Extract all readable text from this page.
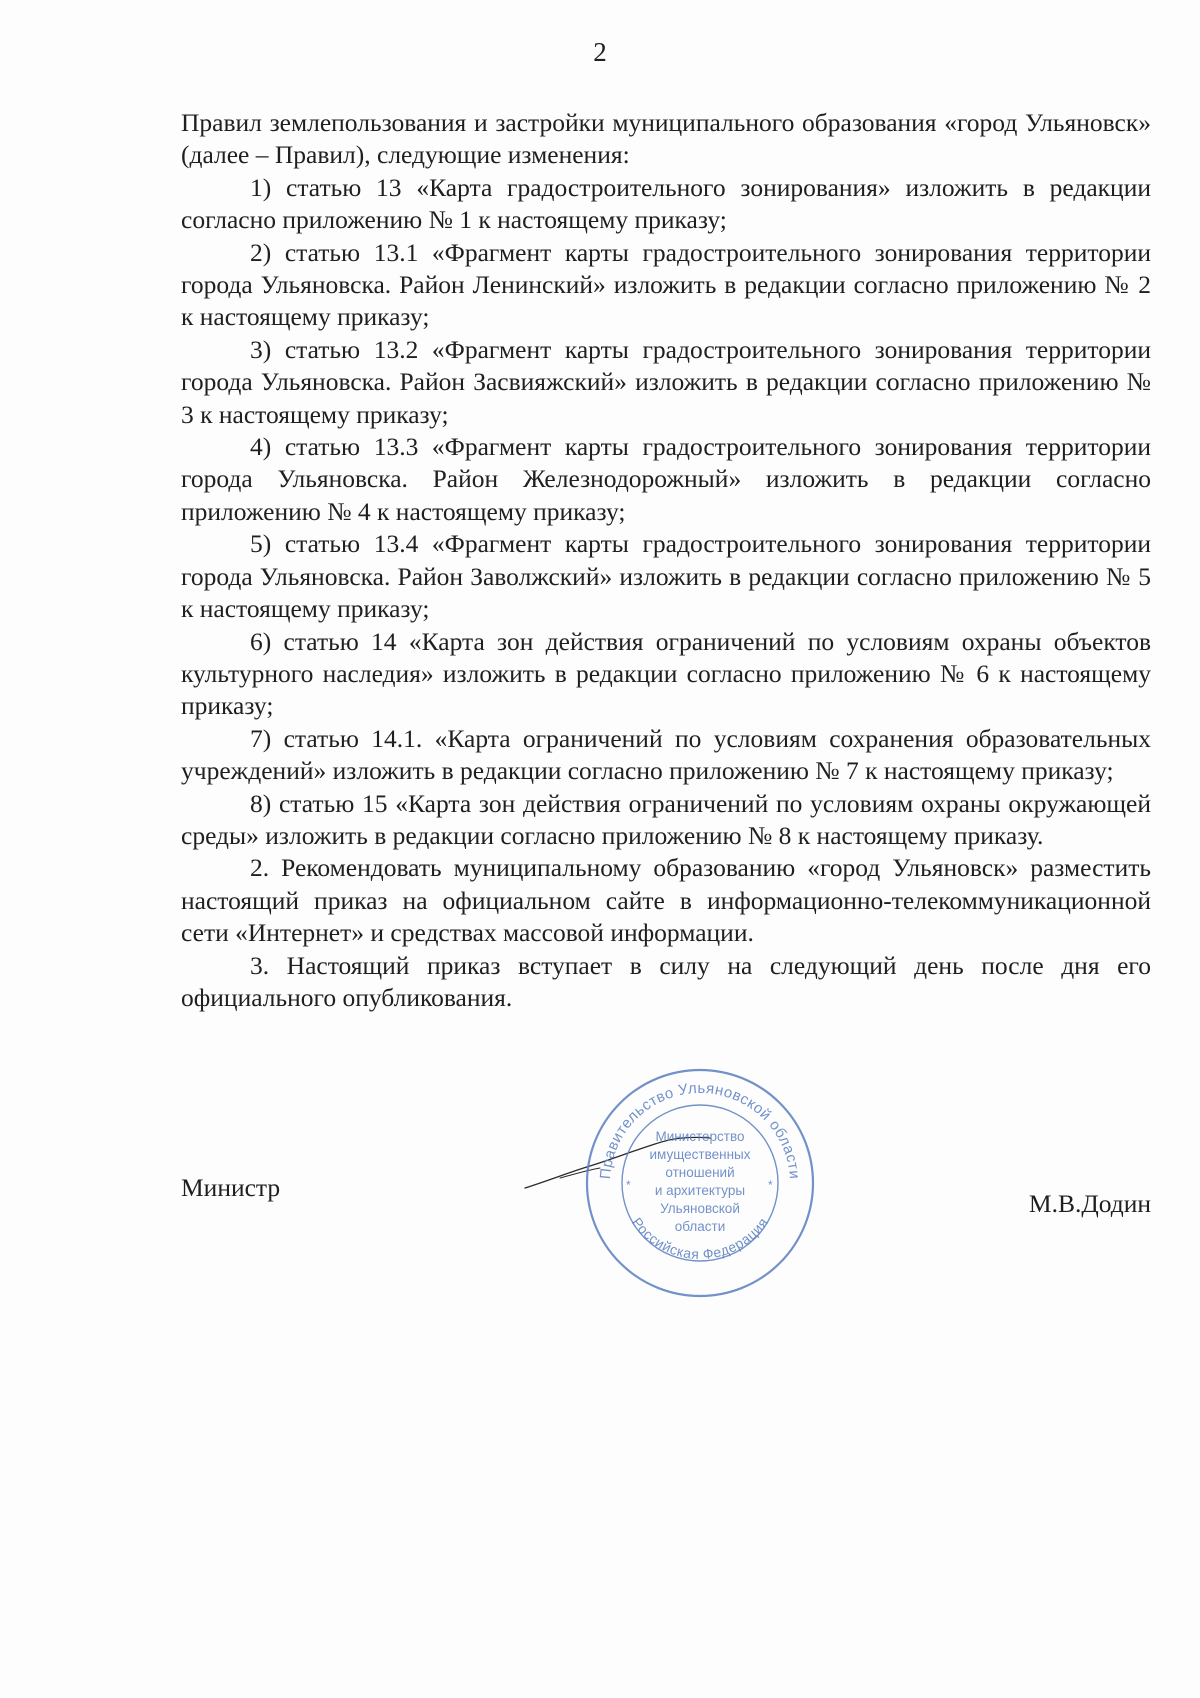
2

Правил землепользования и застройки муниципального образования «город Ульяновск» (далее – Правил), следующие изменения:

1) статью 13 «Карта градостроительного зонирования» изложить в редакции согласно приложению № 1 к настоящему приказу;

2) статью 13.1 «Фрагмент карты градостроительного зонирования территории города Ульяновска. Район Ленинский» изложить в редакции согласно приложению № 2 к настоящему приказу;

3) статью 13.2 «Фрагмент карты градостроительного зонирования территории города Ульяновска. Район Засвияжский» изложить в редакции согласно приложению № 3 к настоящему приказу;

4) статью 13.3 «Фрагмент карты градостроительного зонирования территории города Ульяновска. Район Железнодорожный» изложить в редакции согласно приложению № 4 к настоящему приказу;

5) статью 13.4 «Фрагмент карты градостроительного зонирования территории города Ульяновска. Район Заволжский» изложить в редакции согласно приложению № 5 к настоящему приказу;

6) статью 14 «Карта зон действия ограничений по условиям охраны объектов культурного наследия» изложить в редакции согласно приложению № 6 к настоящему приказу;

7) статью 14.1. «Карта ограничений по условиям сохранения образовательных учреждений» изложить в редакции согласно приложению № 7 к настоящему приказу;

8) статью 15 «Карта зон действия ограничений по условиям охраны окружающей среды» изложить в редакции согласно приложению № 8 к настоящему приказу.

2. Рекомендовать муниципальному образованию «город Ульяновск» разместить настоящий приказ на официальном сайте в информационно-телекоммуникационной сети «Интернет» и средствах массовой информации.

3. Настоящий приказ вступает в силу на следующий день после дня его официального опубликования.

Правительство Ульяновской области
Российская Федерация
*	*
Министерство
имущественных
отношений
и архитектуры
Ульяновской
области
Министр
М.В.Додин
